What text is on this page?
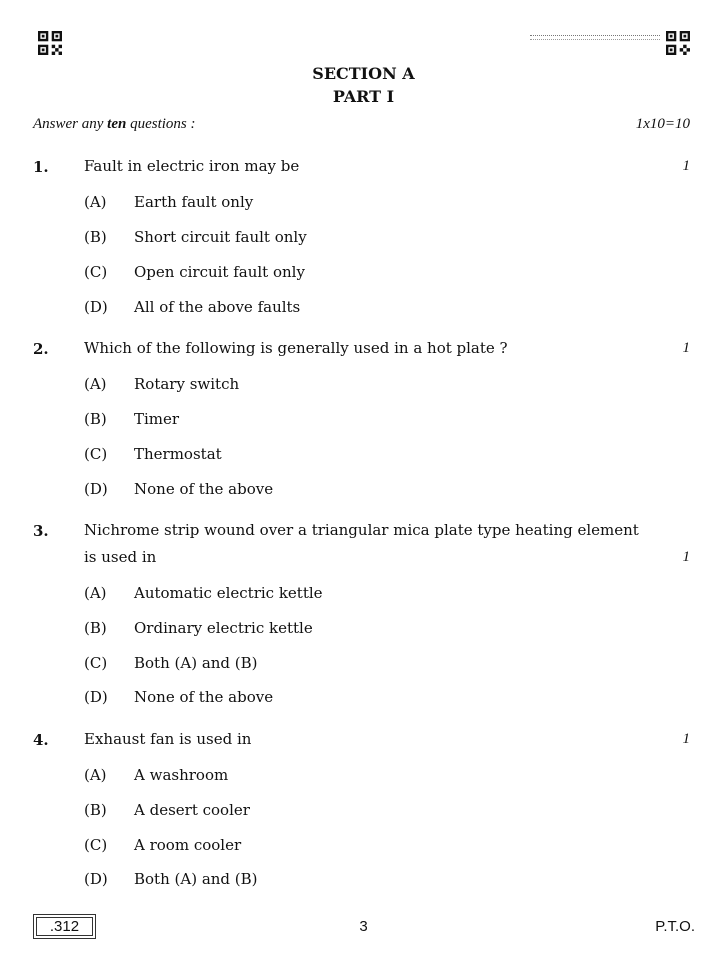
SECTION A
PART I
Answer any ten questions :	1x10=10
1. Fault in electric iron may be	1
(A) Earth fault only
(B) Short circuit fault only
(C) Open circuit fault only
(D) All of the above faults
2. Which of the following is generally used in a hot plate ?	1
(A) Rotary switch
(B) Timer
(C) Thermostat
(D) None of the above
3. Nichrome strip wound over a triangular mica plate type heating element
is used in	1
(A) Automatic electric kettle
(B) Ordinary electric kettle
(C) Both (A) and (B)
(D) None of the above
4. Exhaust fan is used in	1
(A) A washroom
(B) A desert cooler
(C) A room cooler
(D) Both (A) and (B)
.312	3	P.T.O.
